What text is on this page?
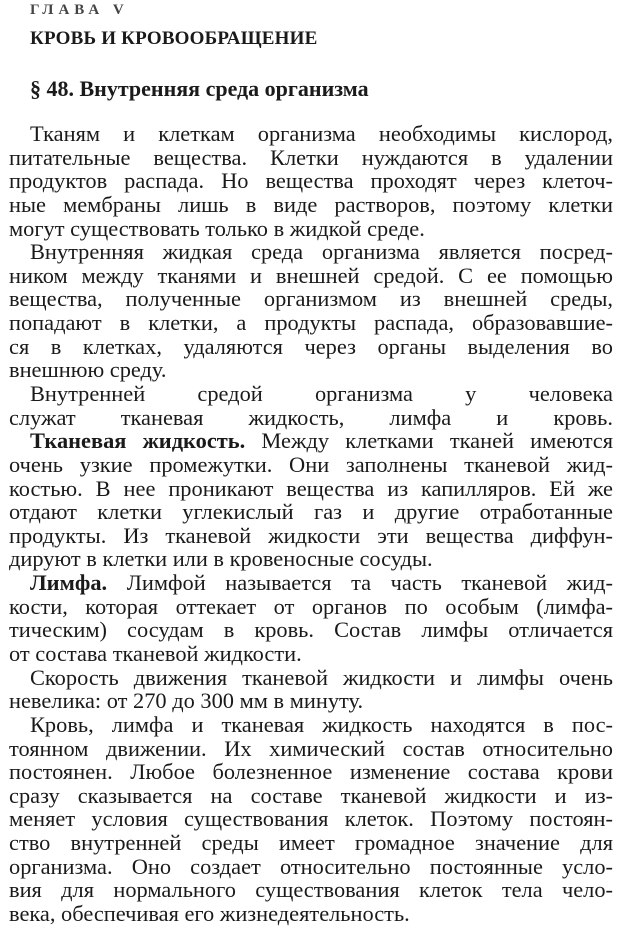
ГЛАВА V
КРОВЬ И КРОВООБРАЩЕНИЕ
§ 48. Внутренняя среда организма
Тканям и клеткам организма необходимы кислород,
питательные вещества. Клетки нуждаются в удалении
продуктов распада. Но вещества проходят через клеточ-
ные мембраны лишь в виде растворов, поэтому клетки
могут существовать только в жидкой среде.
Внутренняя жидкая среда организма является посред-
ником между тканями и внешней средой. С ее помощью
вещества, полученные организмом из внешней среды,
попадают в клетки, а продукты распада, образовавшие-
ся в клетках, удаляются через органы выделения во
внешнюю среду.
Внутренней средой организма у человека
служат тканевая жидкость, лимфа и кровь.
Тканевая жидкость. Между клетками тканей имеются
очень узкие промежутки. Они заполнены тканевой жид-
костью. В нее проникают вещества из капилляров. Ей же
отдают клетки углекислый газ и другие отработанные
продукты. Из тканевой жидкости эти вещества диффун-
дируют в клетки или в кровеносные сосуды.
Лимфа. Лимфой называется та часть тканевой жид-
кости, которая оттекает от органов по особым (лимфа-
тическим) сосудам в кровь. Состав лимфы отличается
от состава тканевой жидкости.
Скорость движения тканевой жидкости и лимфы очень
невелика: от 270 до 300 мм в минуту.
Кровь, лимфа и тканевая жидкость находятся в пос-
тоянном движении. Их химический состав относительно
постоянен. Любое болезненное изменение состава крови
сразу сказывается на составе тканевой жидкости и из-
меняет условия существования клеток. Поэтому постоян-
ство внутренней среды имеет громадное значение для
организма. Оно создает относительно постоянные усло-
вия для нормального существования клеток тела чело-
века, обеспечивая его жизнедеятельность.
